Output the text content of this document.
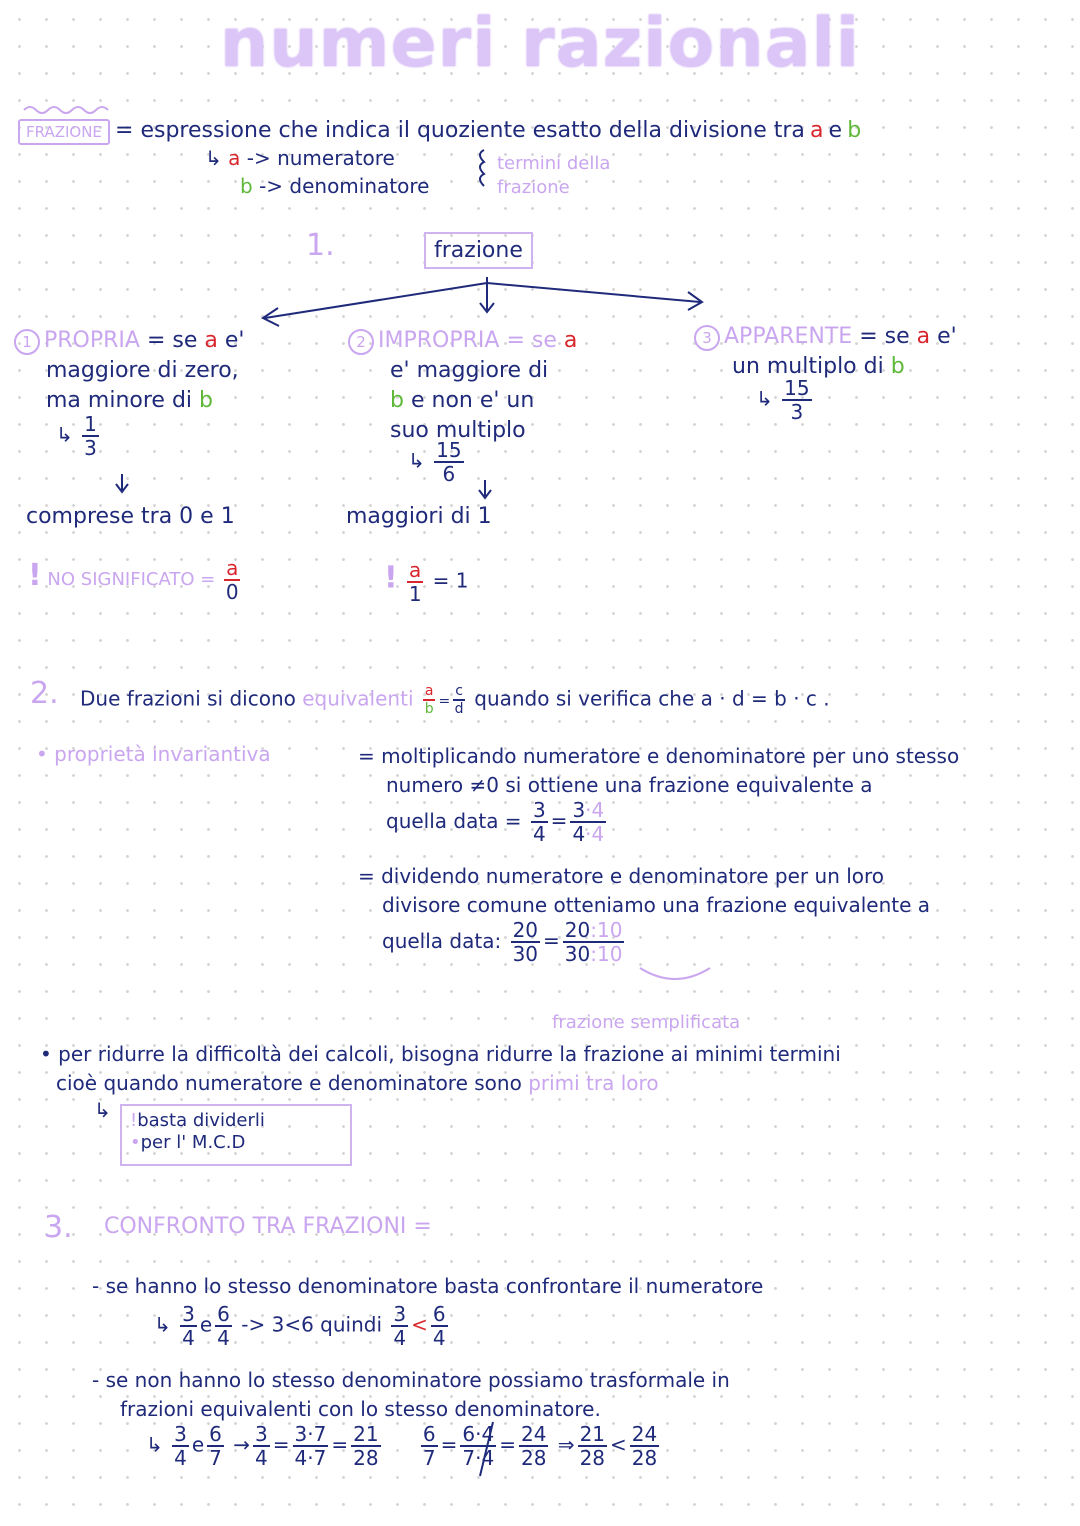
numeri razionali
FRAZIONE = espressione che indica il quoziente esatto della divisione tra a e b
↳ a -> numeratore
b -> denominatore
termini della
frazione
1.	frazione
1 PROPRIA = se a e'
maggiore di zero,
ma minore di b
↳ $\frac{1}{3}$
comprese tra 0 e 1
! NO SIGNIFICATO = $\frac{a}{0}$
2 IMPROPRIA = se a
e' maggiore di
b e non e' un
suo multiplo
↳ $\frac{15}{6}$
maggiori di 1
! $\frac{a}{1} = 1$
3 APPARENTE = se a e'
un multiplo di b
↳ $\frac{15}{3}$
2. Due frazioni si dicono equivalenti $\frac{a}{b} = \frac{c}{d}$ quando si verifica che a · d = b · c .
• proprietà invariantiva	= moltiplicando numeratore e denominatore per uno stesso
numero ≠0 si ottiene una frazione equivalente a
quella data = $\frac{3}{4} = \frac{3\cdot 4}{4\cdot 4}$
= dividendo numeratore e denominatore per un loro
divisore comune otteniamo una frazione equivalente a
quella data: $\frac{20}{30} = \frac{20:10}{30:10}$
frazione semplificata
• per ridurre la difficoltà dei calcoli, bisogna ridurre la frazione ai minimi termini
cioè quando numeratore e denominatore sono primi tra loro
↳	!basta dividerli
•per l' M.C.D
3. CONFRONTO TRA FRAZIONI =
- se hanno lo stesso denominatore basta confrontare il numeratore
↳ $\frac{3}{4}$ e $\frac{6}{4} -> 3<6$ quindi $\frac{3}{4} < \frac{6}{4}$
- se non hanno lo stesso denominatore possiamo trasformale in
frazioni equivalenti con lo stesso denominatore.
↳ $\frac{3}{4}$ e $\frac{6}{7} \to \frac{3}{4} = \frac{3\cdot 7}{4\cdot 7} = \frac{21}{28}$
$\frac{6}{7} = \frac{6\cdot 4}{7\cdot 4} = \frac{24}{28}$ ⇒ $\frac{21}{28} < \frac{24}{28}$
